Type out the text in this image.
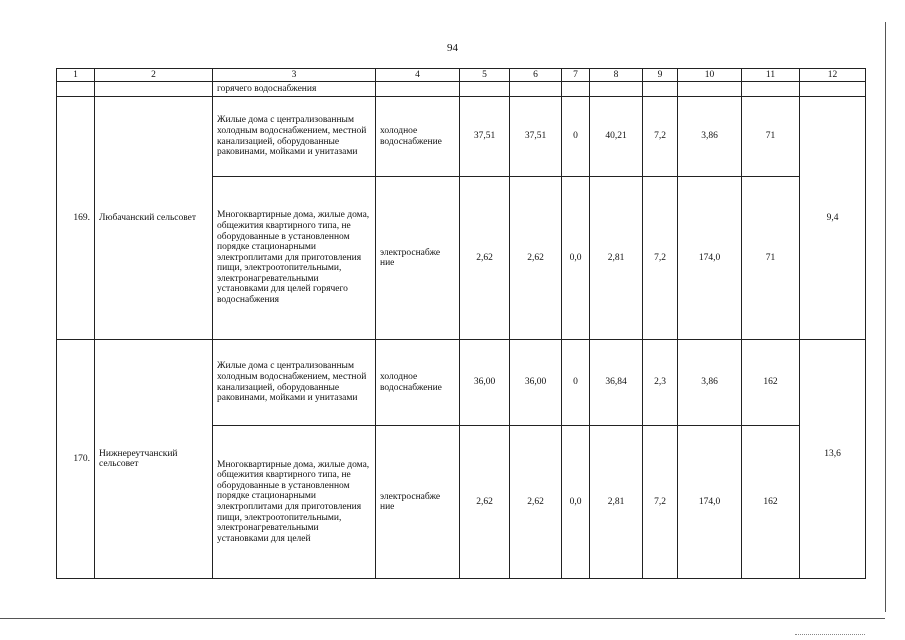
94
1	2	3	4	5	6	7	8	9	10	11	12
		горячего водоснабжения									
169.	Любачанский сельсовет	Жилые дома с централизованным холодным водоснабжением, местной канализацией, оборудованные раковинами, мойками и унитазами	холодное водоснабжение	37,51	37,51	0	40,21	7,2	3,86	71	9,4
		Многоквартирные дома, жилые дома, общежития квартирного типа, не оборудованные в установленном порядке стационарными электроплитами для приготовления пищи, электроотопительными, электронагревательными установками для целей горячего водоснабжения	электроснабже ние	2,62	2,62	0,0	2,81	7,2	174,0	71	
170.	Нижнереутчанский сельсовет	Жилые дома с централизованным холодным водоснабжением, местной канализацией, оборудованные раковинами, мойками и унитазами	холодное водоснабжение	36,00	36,00	0	36,84	2,3	3,86	162	13,6
		Многоквартирные дома, жилые дома, общежития квартирного типа, не оборудованные в установленном порядке стационарными электроплитами для приготовления пищи, электроотопительными, электронагревательными установками для целей	электроснабже ние	2,62	2,62	0,0	2,81	7,2	174,0	162	
